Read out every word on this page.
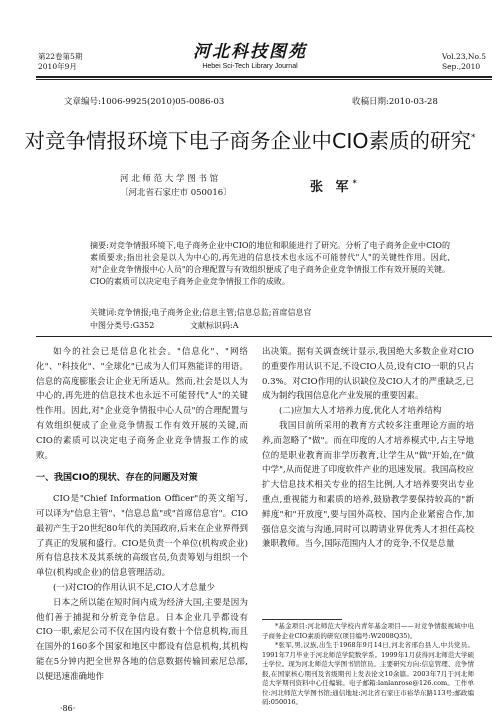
第22卷第5期
2010年9月
河北科技图苑
Hebei Sci-Tech Library Journal
Vol.23,No.5
Sep.,2010
文章编号:1006-9925(2010)05-0086-03	收稿日期:2010-03-28
对竞争情报环境下电子商务企业中CIO素质的研究*
河 北 师 范 大 学 图 书 馆
〔河北省石家庄市 050016〕	张 军*
摘要:对竞争情报环境下,电子商务企业中CIO的地位和职能进行了研究。分析了电子商务企业中CIO的素质要求;指出社会是以人为中心的,再先进的信息技术也永远不可能替代"人"的关键性作用。因此,对"企业竞争情报中心人员"的合理配置与有效组织便成了电子商务企业竞争情报工作有效开展的关键。CIO的素质可以决定电子商务企业竞争情报工作的成败。
关键词:竞争情报;电子商务企业;信息主管;信息总监;首席信息官
中图分类号:G352	文献标识码:A

如今的社会已是信息化社会。"信息化"、"网络化"、"科技化"、"全球化"已成为人们耳熟能详的用语。信息的高度膨胀会让企业无所适从。然而,社会是以人为中心的,再先进的信息技术也永远不可能替代"人"的关键性作用。因此,对"企业竞争情报中心人员"的合理配置与有效组织便成了企业竞争情报工作有效开展的关键,而CIO的素质可以决定电子商务企业竞争情报工作的成败。

一、我国CIO的现状、存在的问题及对策

CIO是"Chief Information Officer"的英文缩写,可以译为"信息主管"、"信息总监"或"首席信息官"。CIO最初产生于20世纪80年代的美国政府,后来在企业界得到了真正的发展和盛行。CIO是负责一个单位(机构或企业)所有信息技术及其系统的高级官员,负责筹划与组织一个单位(机构或企业)的信息管理活动。

(一)对CIO的作用认识不足,CIO人才总量少

日本之所以能在短时间内成为经济大国,主要是因为他们善于捕捉和分析竞争信息。日本企业几乎都设有CIO一职,索尼公司不仅在国内设有数十个信息机构,而且在国外的160多个国家和地区中都设有信息机构,其机构能在5分钟内把全世界各地的信息数据传输回索尼总部,以便迅速准确地作

出决策。据有关调查统计显示,我国绝大多数企业对CIO的重要作用认识不足,不设CIO人员,设有CIO一职的只占0.3%。对CIO作用的认识缺位及CIO人才的严重缺乏,已成为制约我国信息化产业发展的重要因素。

(二)应加大人才培养力度,优化人才培养结构

我国目前所采用的教育方式较多注重理论方面的培养,而忽略了"做"。而在印度的人才培养模式中,占主导地位的是职业教育而非学历教育,让学生从"做"开始,在"做中学",从而促进了印度软件产业的迅速发展。我国高校应扩大信息技术相关专业的招生比例,人才培养要突出专业重点,重视能力和素质的培养,鼓励教学要保持较高的"新鲜度"和"开放度",要与国外高校、国内企业紧密合作,加强信息交流与沟通,同时可以聘请业界优秀人才担任高校兼职教师。当今,国际范围内人才的竞争,不仅是总量

*基金项目:河北师范大学校内青年基金项目——对竞争情报视域中电子商务企业CIO素质的研究(项目编号:W2008Q35)。

*张军,男,汉族,出生于1968年9月14日,河北省邢台县人,中共党员。1991年7月毕业于河北师范学院数学系。1999年1月获得河北师范大学硕士学位。现为河北师范大学图书馆馆员。主要研究方向:信息管理、竞争情报,在国家核心期刊及省级期刊上发表论文10余篇。2003年7月于河北师范大学期刊资料中心任编辑。电子邮箱:lanlanrose@126.com。工作单位:河北师范大学图书馆;通信地址:河北省石家庄市裕华东路113号;邮政编码:050016。

·86·
